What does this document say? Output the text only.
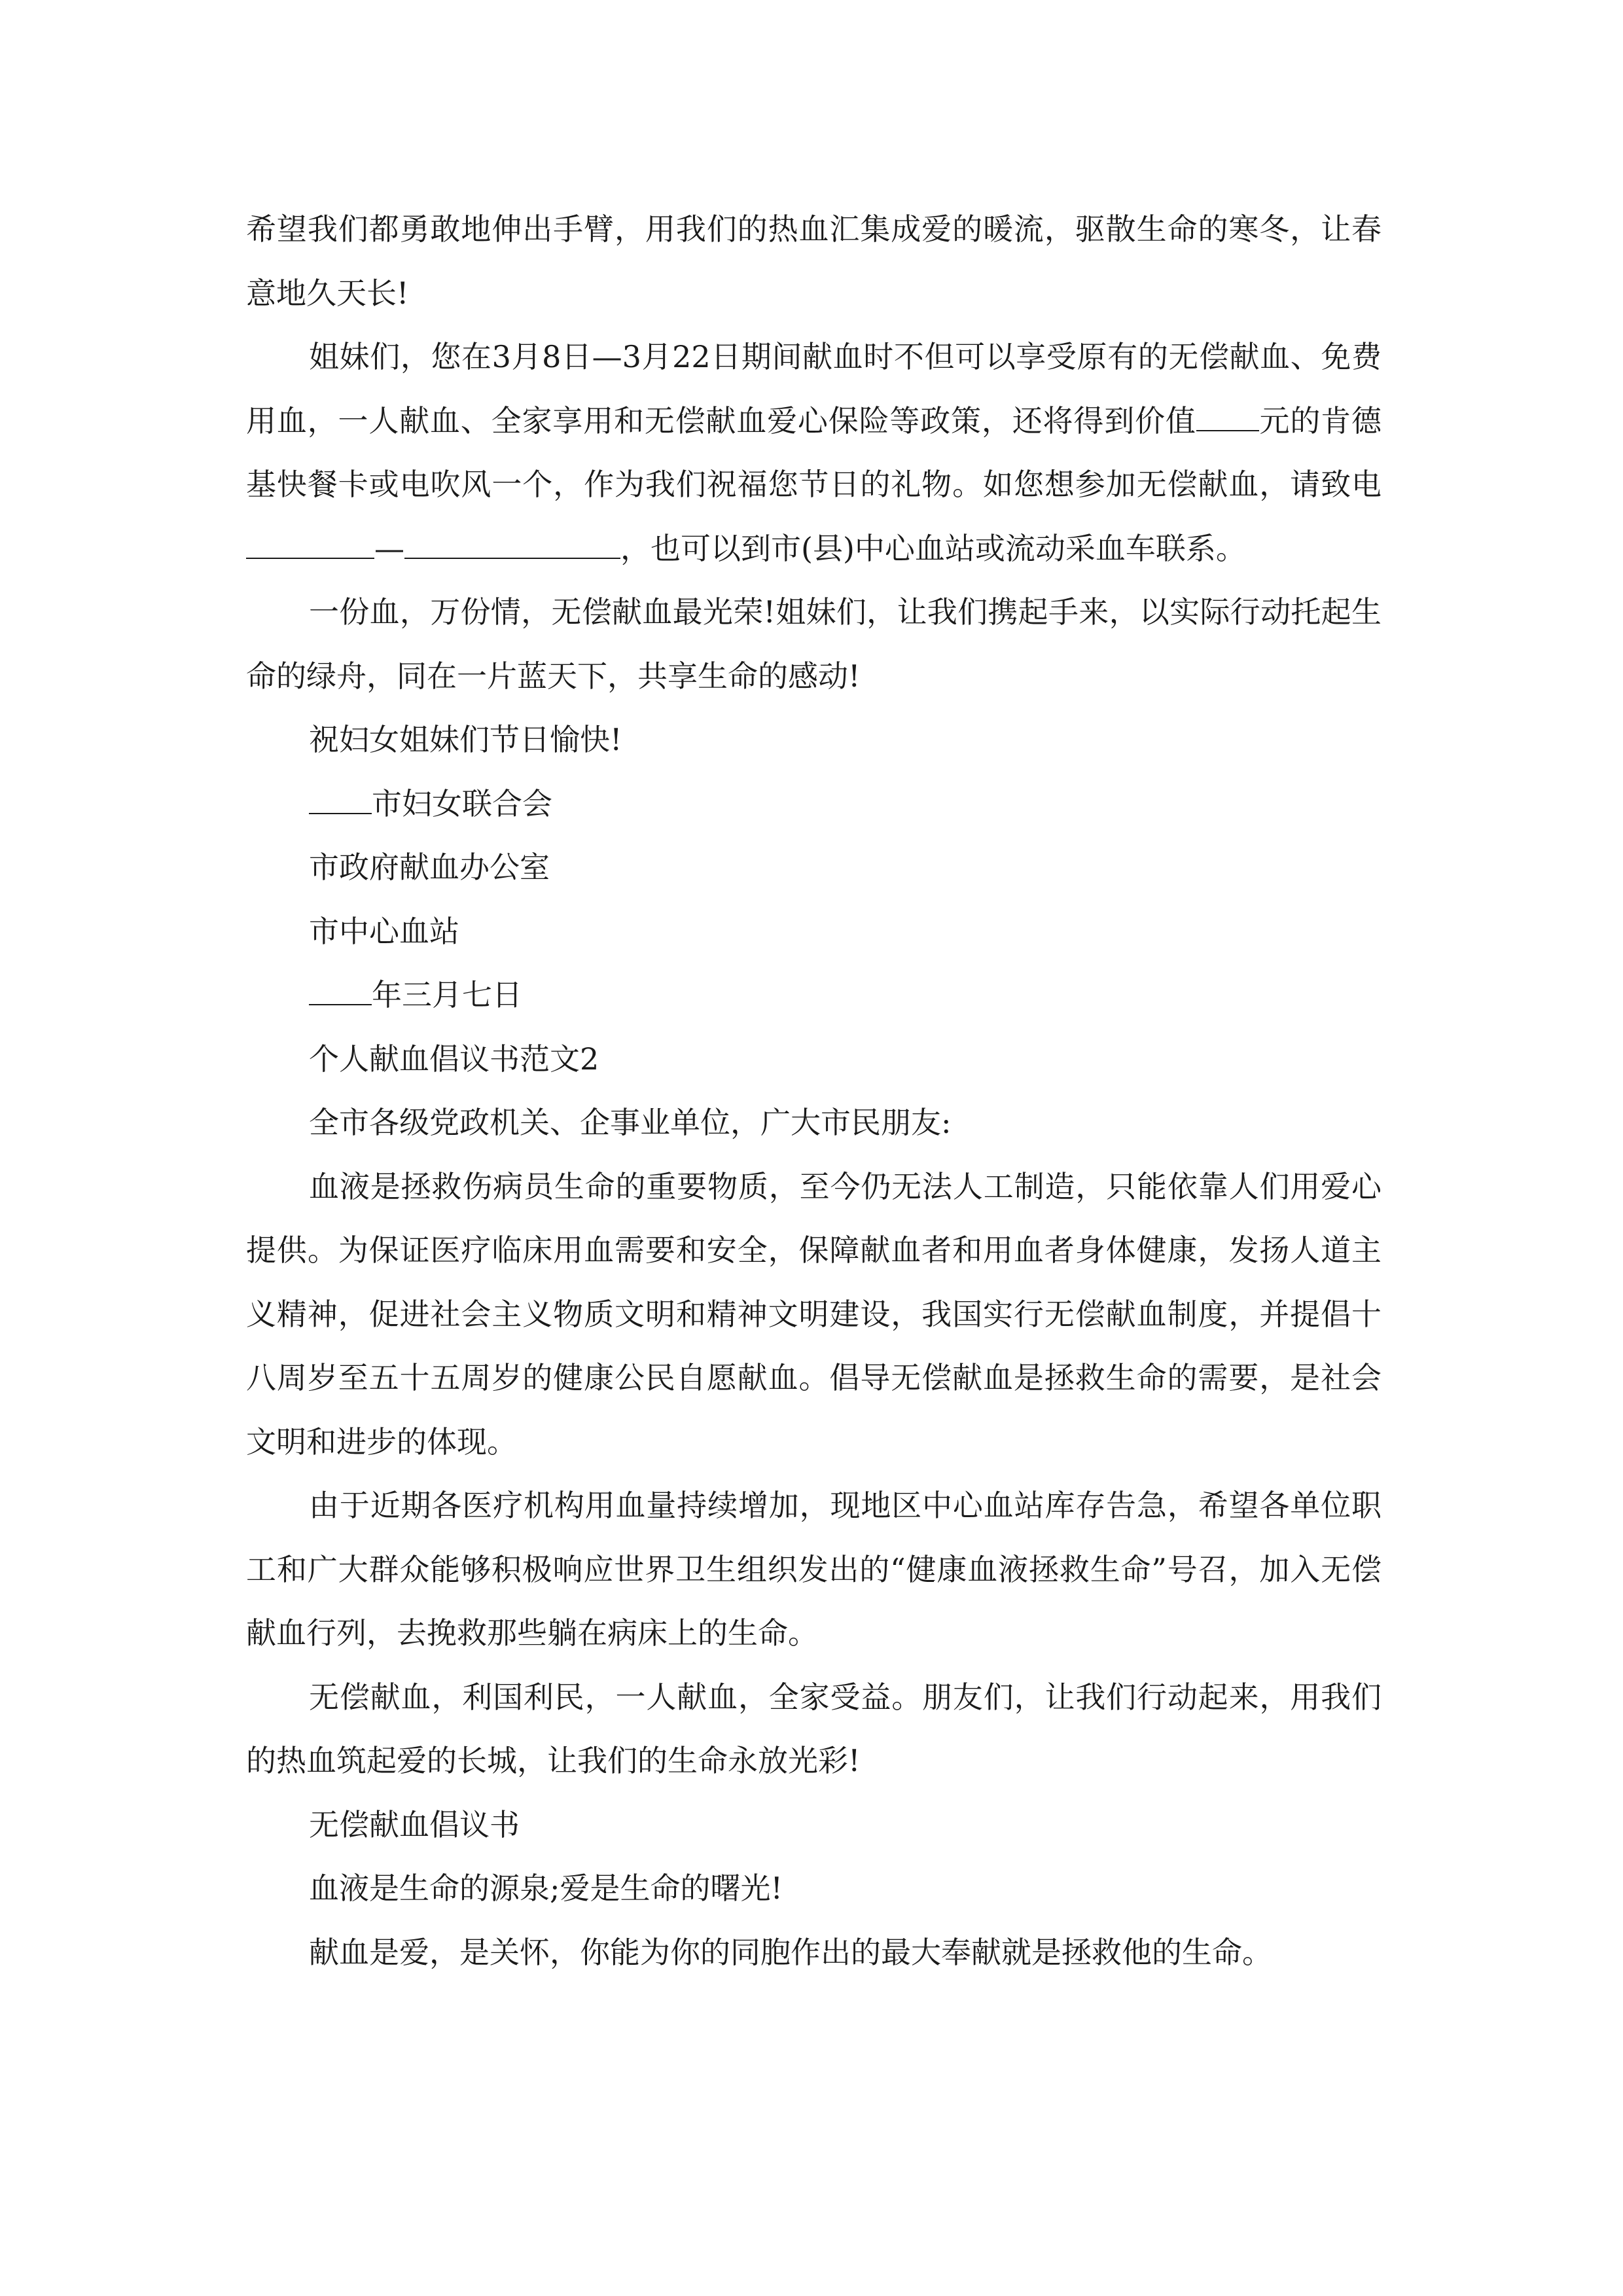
希望我们都勇敢地伸出手臂，用我们的热血汇集成爱的暖流，驱散生命的寒冬，让春意地久天长!

姐妹们，您在3月8日—3月22日期间献血时不但可以享受原有的无偿献血、免费用血，一人献血、全家享用和无偿献血爱心保险等政策，还将得到价值 元的肯德基快餐卡或电吹风一个，作为我们祝福您节日的礼物。如您想参加无偿献血，请致电—	，也可以到市(县)中心血站或流动采血车联系。

一份血，万份情，无偿献血最光荣!姐妹们，让我们携起手来，以实际行动托起生命的绿舟，同在一片蓝天下，共享生命的感动!

祝妇女姐妹们节日愉快!

市妇女联合会

市政府献血办公室

市中心血站

年三月七日

个人献血倡议书范文2

全市各级党政机关、企事业单位，广大市民朋友:

血液是拯救伤病员生命的重要物质，至今仍无法人工制造，只能依靠人们用爱心提供。为保证医疗临床用血需要和安全，保障献血者和用血者身体健康，发扬人道主义精神，促进社会主义物质文明和精神文明建设，我国实行无偿献血制度，并提倡十八周岁至五十五周岁的健康公民自愿献血。倡导无偿献血是拯救生命的需要，是社会文明和进步的体现。

由于近期各医疗机构用血量持续增加，现地区中心血站库存告急，希望各单位职工和广大群众能够积极响应世界卫生组织发出的“健康血液拯救生命”号召，加入无偿献血行列，去挽救那些躺在病床上的生命。

无偿献血，利国利民，一人献血，全家受益。朋友们，让我们行动起来，用我们的热血筑起爱的长城，让我们的生命永放光彩!

无偿献血倡议书

血液是生命的源泉;爱是生命的曙光!

献血是爱，是关怀，你能为你的同胞作出的最大奉献就是拯救他的生命。
